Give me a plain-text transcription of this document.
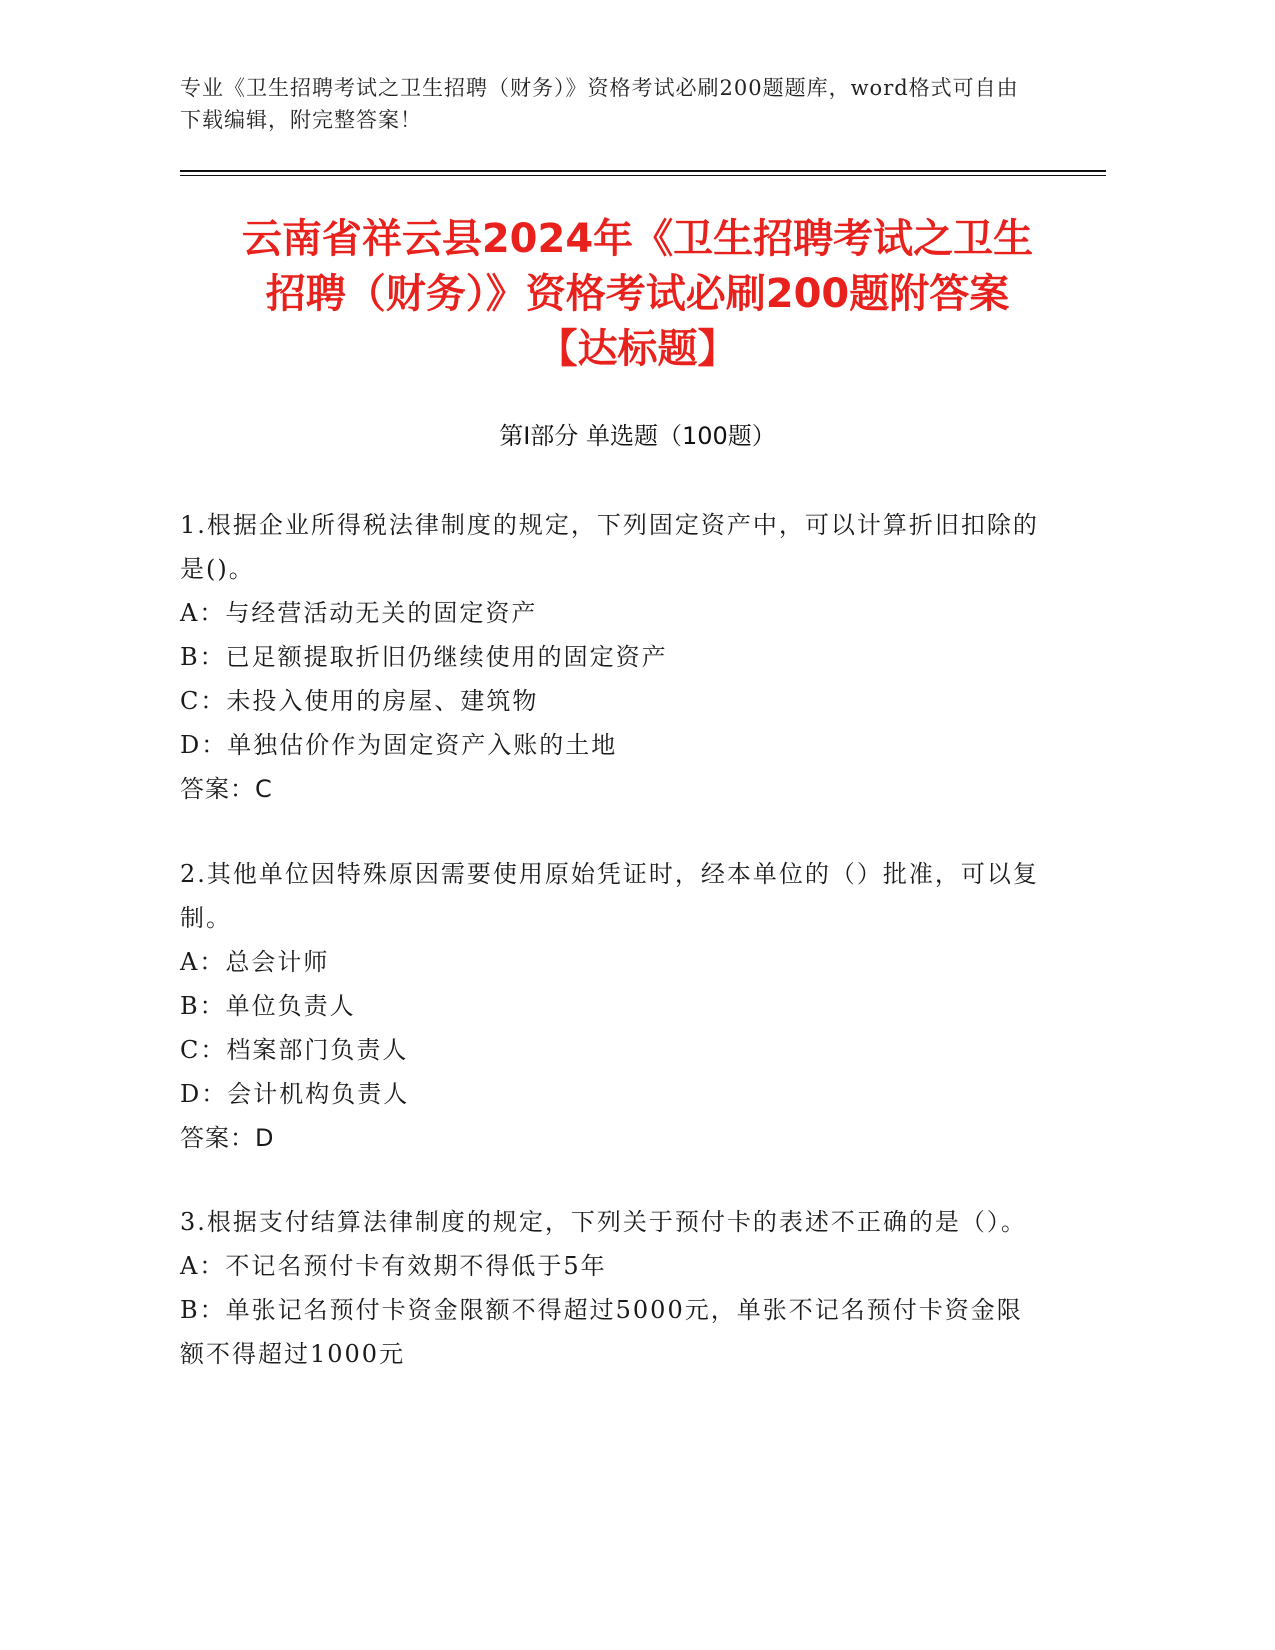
专业《卫生招聘考试之卫生招聘（财务）》资格考试必刷200题题库，word格式可自由下载编辑，附完整答案！
云南省祥云县2024年《卫生招聘考试之卫生
招聘（财务）》资格考试必刷200题附答案
【达标题】
第I部分 单选题（100题）
1.根据企业所得税法律制度的规定，下列固定资产中，可以计算折旧扣除的是()。
A：与经营活动无关的固定资产
B：已足额提取折旧仍继续使用的固定资产
C：未投入使用的房屋、建筑物
D：单独估价作为固定资产入账的土地
答案：C
2.其他单位因特殊原因需要使用原始凭证时，经本单位的（）批准，可以复制。
A：总会计师
B：单位负责人
C：档案部门负责人
D：会计机构负责人
答案：D
3.根据支付结算法律制度的规定，下列关于预付卡的表述不正确的是（）。
A：不记名预付卡有效期不得低于5年
B：单张记名预付卡资金限额不得超过5000元，单张不记名预付卡资金限额不得超过1000元
